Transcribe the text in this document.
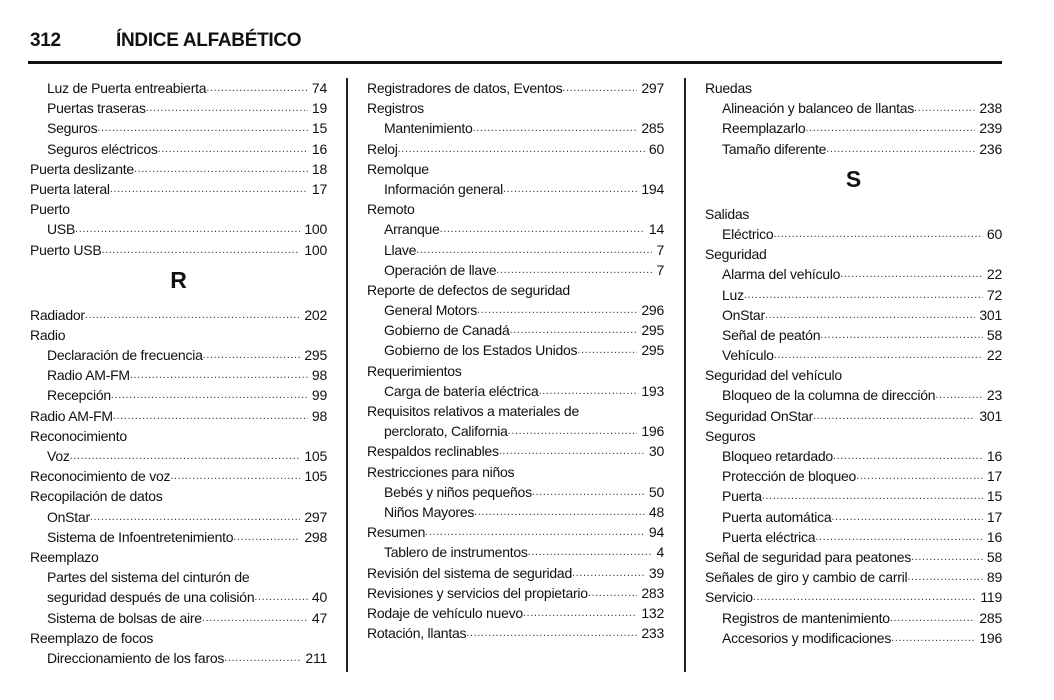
312	ÍNDICE ALFABÉTICO
Luz de Puerta entreabierta .....	74
Puertas traseras .....	19
Seguros .....	15
Seguros eléctricos .....	16
Puerta deslizante .....	18
Puerta lateral .....	17
Puerto
USB .....	100
Puerto USB .....	100
R
Radiador .....	202
Radio
Declaración de frecuencia .....	295
Radio AM-FM .....	98
Recepción .....	99
Radio AM-FM .....	98
Reconocimiento
Voz .....	105
Reconocimiento de voz .....	105
Recopilación de datos
OnStar .....	297
Sistema de Infoentretenimiento .....	298
Reemplazo
Partes del sistema del cinturón de
seguridad después de una colisión .....	40
Sistema de bolsas de aire .....	47
Reemplazo de focos
Direccionamiento de los faros .....	211
Registradores de datos, Eventos .....	297
Registros
Mantenimiento .....	285
Reloj .....	60
Remolque
Información general .....	194
Remoto
Arranque .....	14
Llave .....	7
Operación de llave .....	7
Reporte de defectos de seguridad
General Motors .....	296
Gobierno de Canadá .....	295
Gobierno de los Estados Unidos .....	295
Requerimientos
Carga de batería eléctrica .....	193
Requisitos relativos a materiales de
perclorato, California .....	196
Respaldos reclinables .....	30
Restricciones para niños
Bebés y niños pequeños .....	50
Niños Mayores .....	48
Resumen .....	94
Tablero de instrumentos .....	4
Revisión del sistema de seguridad .....	39
Revisiones y servicios del propietario .....	283
Rodaje de vehículo nuevo .....	132
Rotación, llantas .....	233
Ruedas
Alineación y balanceo de llantas .....	238
Reemplazarlo .....	239
Tamaño diferente .....	236
S
Salidas
Eléctrico .....	60
Seguridad
Alarma del vehículo .....	22
Luz .....	72
OnStar .....	301
Señal de peatón .....	58
Vehículo .....	22
Seguridad del vehículo
Bloqueo de la columna de dirección .....	23
Seguridad OnStar .....	301
Seguros
Bloqueo retardado .....	16
Protección de bloqueo .....	17
Puerta .....	15
Puerta automática .....	17
Puerta eléctrica .....	16
Señal de seguridad para peatones .....	58
Señales de giro y cambio de carril .....	89
Servicio .....	119
Registros de mantenimiento .....	285
Accesorios y modificaciones .....	196
